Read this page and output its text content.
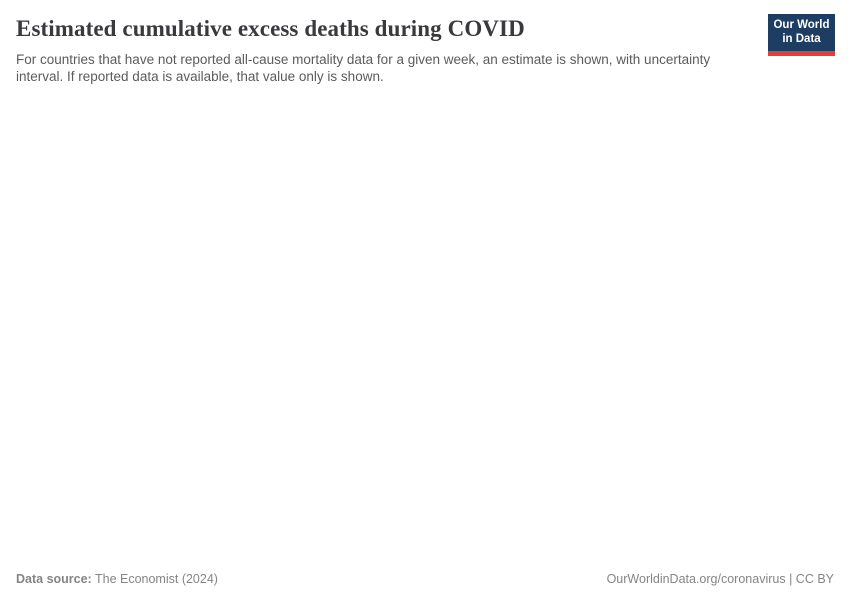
Estimated cumulative excess deaths during COVID

For countries that have not reported all-cause mortality data for a given week, an estimate is shown, with uncertainty interval. If reported data is available, that value only is shown.

Our World
in Data
Data source: The Economist (2024)	OurWorldinData.org/coronavirus | CC BY
